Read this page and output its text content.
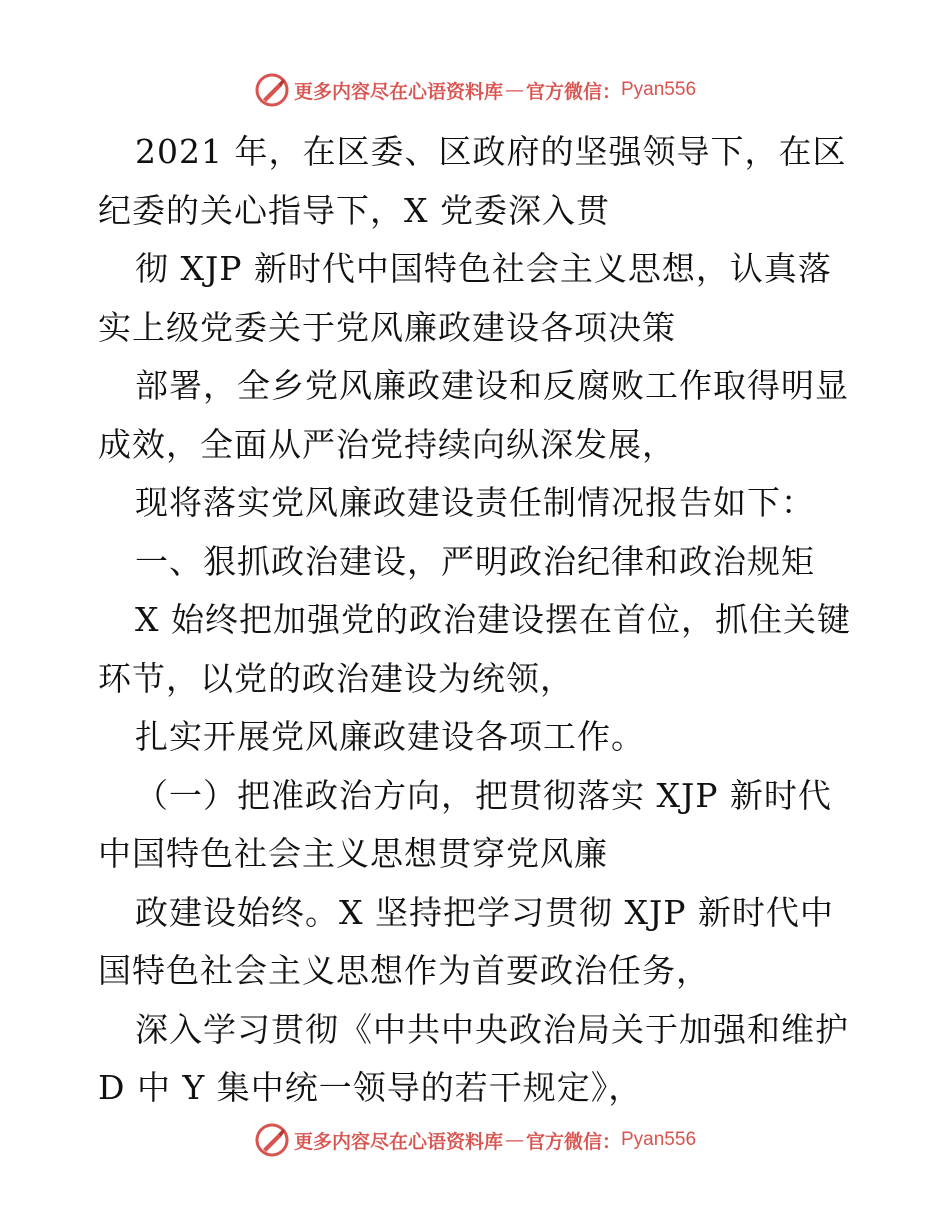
更多内容尽在心语资料库 — 官方微信： Pyan556
2021 年，在区委、区政府的坚强领导下，在区
纪委的关心指导下，X 党委深入贯
彻 XJP 新时代中国特色社会主义思想，认真落
实上级党委关于党风廉政建设各项决策
部署，全乡党风廉政建设和反腐败工作取得明显
成效，全面从严治党持续向纵深发展，
现将落实党风廉政建设责任制情况报告如下：
一、狠抓政治建设，严明政治纪律和政治规矩
X 始终把加强党的政治建设摆在首位，抓住关键
环节，以党的政治建设为统领，
扎实开展党风廉政建设各项工作。
（一）把准政治方向，把贯彻落实 XJP 新时代
中国特色社会主义思想贯穿党风廉
政建设始终。X 坚持把学习贯彻 XJP 新时代中
国特色社会主义思想作为首要政治任务，
深入学习贯彻《中共中央政治局关于加强和维护
D 中 Y 集中统一领导的若干规定》，
更多内容尽在心语资料库 — 官方微信： Pyan556
